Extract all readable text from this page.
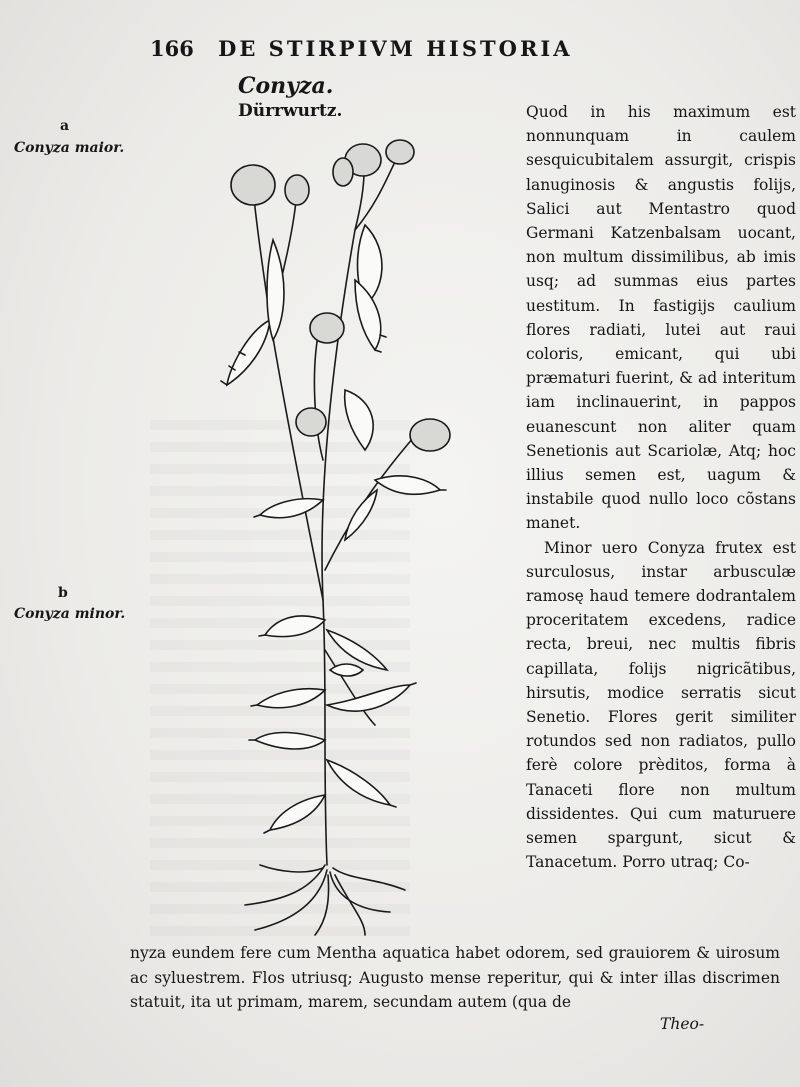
166 DE STIRPIVM HISTORIA
Conyza.
Dürrwurtz.
a
Conyza maior.
b
Conyza minor.

Quod in his maximum est nonnunquam in caulem sesquicubitalem assurgit, crispis lanuginosis & angustis folijs, Salici aut Mentastro quod Germani Katzenbalsam uocant, non multum dissimilibus, ab imis usq; ad summas eius partes uestitum. In fastigijs caulium flores radiati, lutei aut raui coloris, emicant, qui ubi præmaturi fuerint, & ad interitum iam inclinauerint, in pappos euanescunt non aliter quam Senetionis aut Scariolæ, Atq; hoc illius semen est, uagum & instabile quod nullo loco cõstans manet.

Minor uero Conyza frutex est surculosus, instar arbusculæ ramosę haud temere dodrantalem proceritatem excedens, radice recta, breui, nec multis fibris capillata, folijs nigricãtibus, hirsutis, modice serratis sicut Senetio. Flores gerit similiter rotundos sed non radiatos, pullo ferè colore prèditos, forma à Tanaceti flore non multum dissidentes. Qui cum maturuere semen spargunt, sicut & Tanacetum. Porro utraq; Co-

nyza eundem fere cum Mentha aquatica habet odorem, sed grauiorem & uirosum ac syluestrem. Flos utriusq; Augusto mense reperitur, qui & inter illas discrimen statuit, ita ut primam, marem, secundam autem (qua de
Theo-
